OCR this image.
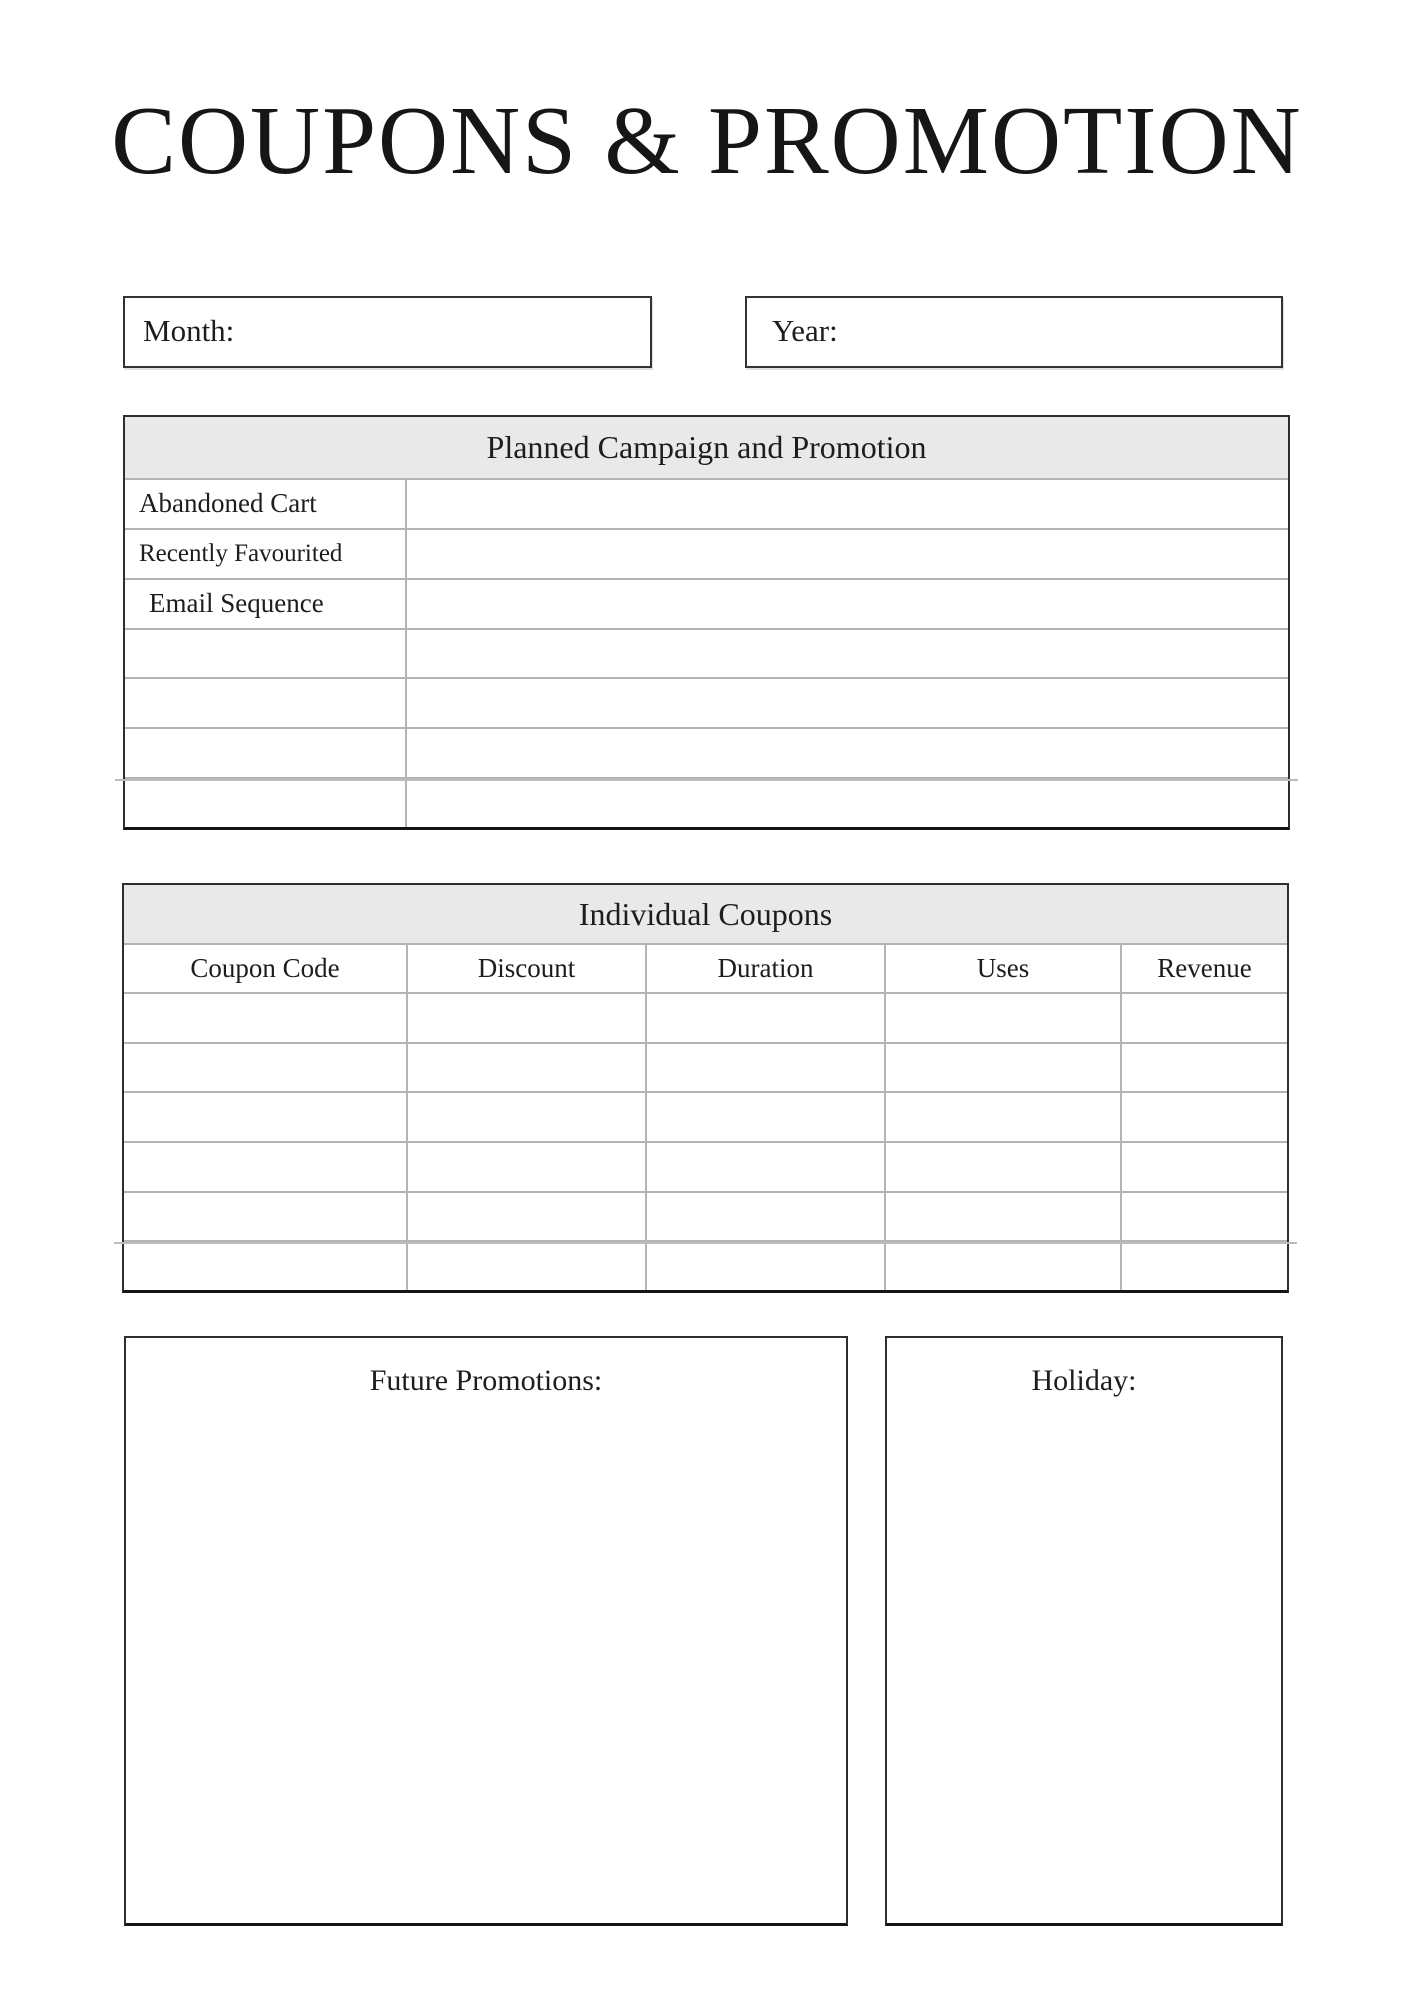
COUPONS & PROMOTION
Month:	Year:
Planned Campaign and Promotion
Abandoned Cart
Recently Favourited
Email Sequence
Individual Coupons
Coupon Code	Discount	Duration	Uses	Revenue
Future Promotions:	Holiday:
